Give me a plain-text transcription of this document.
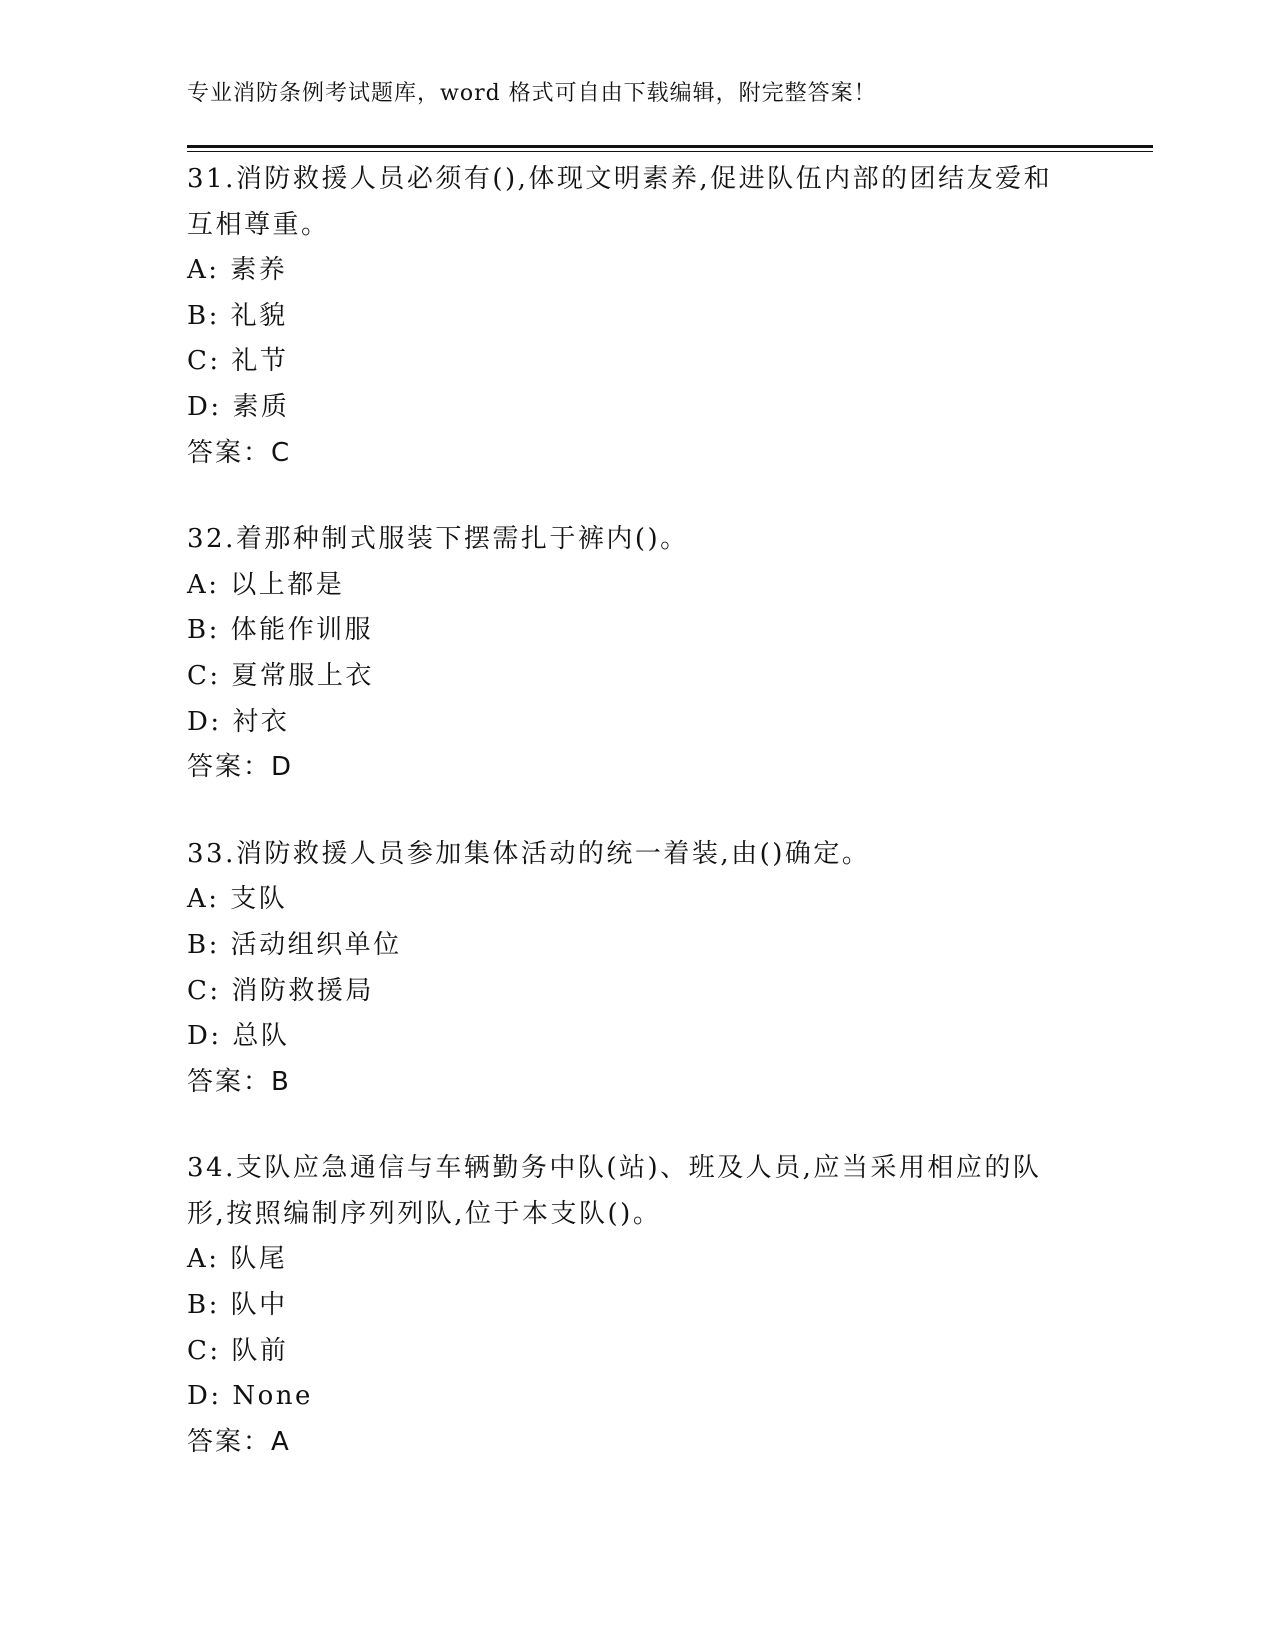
专业消防条例考试题库，word 格式可自由下载编辑，附完整答案！
31.消防救援人员必须有(),体现文明素养,促进队伍内部的团结友爱和
互相尊重。
A: 素养
B: 礼貌
C: 礼节
D: 素质
答案：C
32.着那种制式服装下摆需扎于裤内()。
A: 以上都是
B: 体能作训服
C: 夏常服上衣
D: 衬衣
答案：D
33.消防救援人员参加集体活动的统一着装,由()确定。
A: 支队
B: 活动组织单位
C: 消防救援局
D: 总队
答案：B
34.支队应急通信与车辆勤务中队(站)、班及人员,应当采用相应的队
形,按照编制序列列队,位于本支队()。
A: 队尾
B: 队中
C: 队前
D: None
答案：A
